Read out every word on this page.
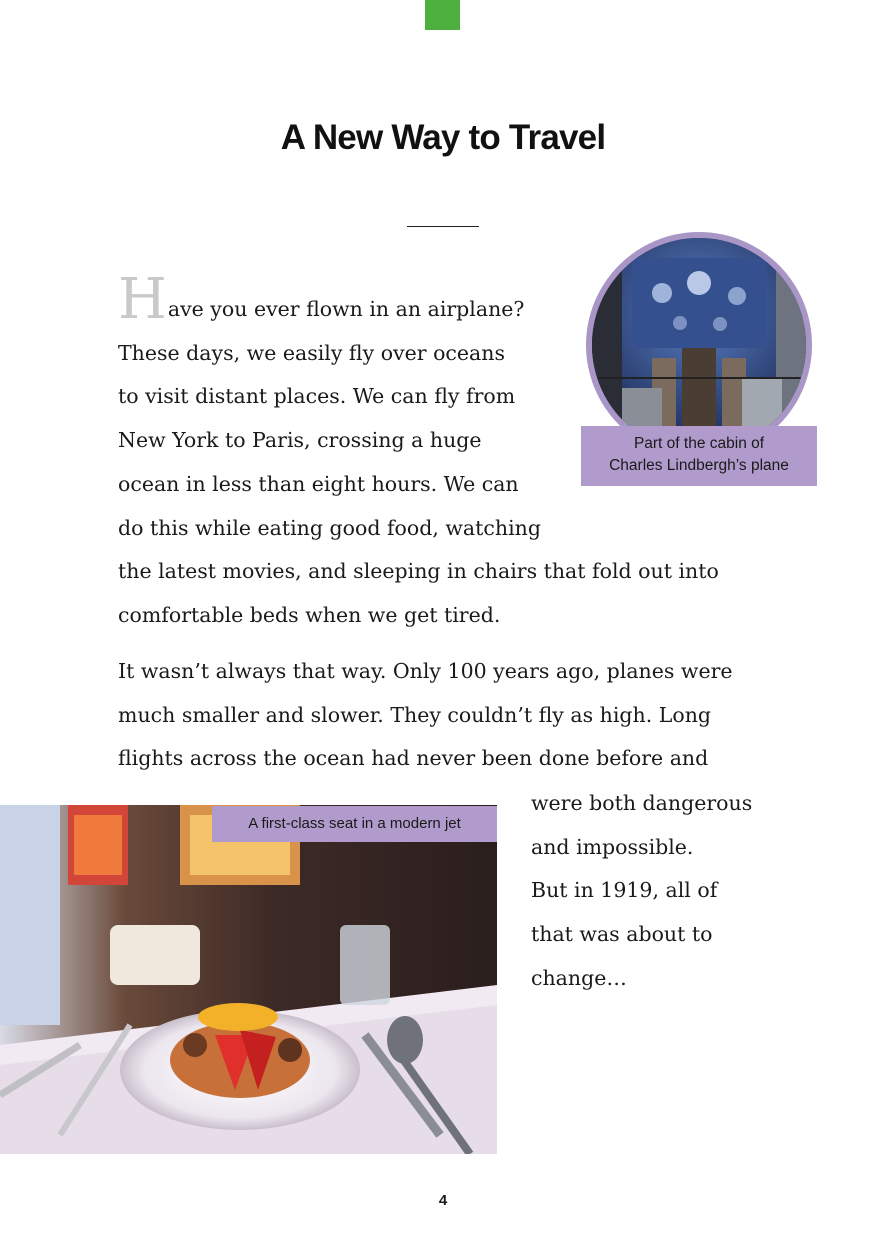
A New Way to Travel
Have you ever flown in an airplane?
These days, we easily fly over oceans
to visit distant places. We can fly from
New York to Paris, crossing a huge
ocean in less than eight hours. We can
do this while eating good food, watching
the latest movies, and sleeping in chairs that fold out into
comfortable beds when we get tired.
It wasn’t always that way. Only 100 years ago, planes were
much smaller and slower. They couldn’t fly as high. Long
flights across the ocean had never been done before and
were both dangerous
and impossible.
But in 1919, all of
that was about to
change…
Part of the cabin of
Charles Lindbergh’s plane
A first-class seat in a modern jet
4
